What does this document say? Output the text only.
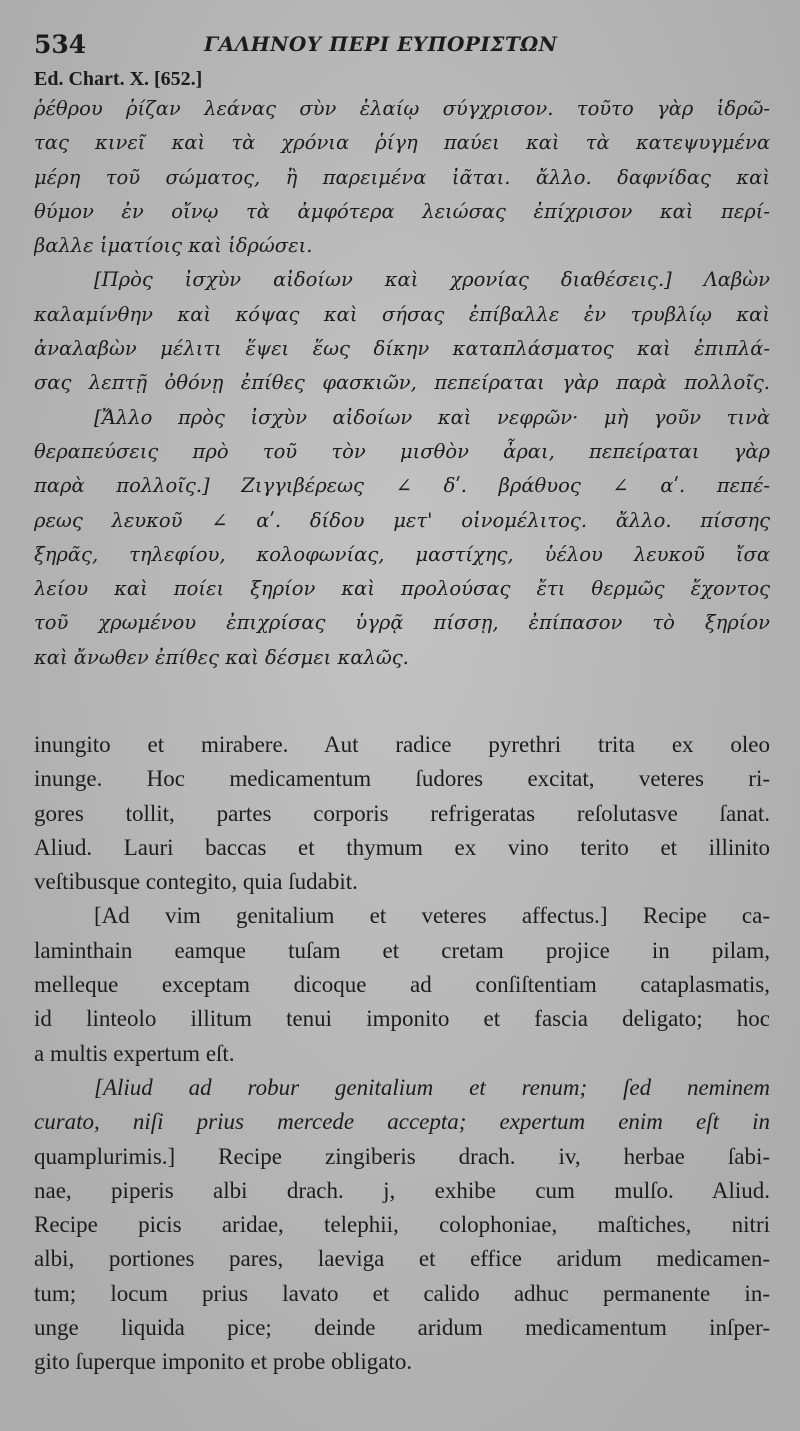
534	ΓΑΛΗΝΟΥ ΠΕΡΙ ΕΥΠΟΡΙΣΤΩΝ
Ed. Chart. X. [652.]
ῥέθρου ῥίζαν λεάνας σὺν ἐλαίῳ σύγχρισον. τοῦτο γὰρ ἱδρῶ-
τας κινεῖ καὶ τὰ χρόνια ῥίγη παύει καὶ τὰ κατεψυγμένα
μέρη τοῦ σώματος, ἢ παρειμένα ἰᾶται. ἄλλο. δαφνίδας καὶ
θύμον ἐν οἴνῳ τὰ ἀμφότερα λειώσας ἐπίχρισον καὶ περί-
βαλλε ἱματίοις καὶ ἱδρώσει.
[Πρὸς ἰσχὺν αἰδοίων καὶ χρονίας διαθέσεις.] Λαβὼν
καλαμίνθην καὶ κόψας καὶ σήσας ἐπίβαλλε ἐν τρυβλίῳ καὶ
ἀναλαβὼν μέλιτι ἕψει ἕως δίκην καταπλάσματος καὶ ἐπιπλά-
σας λεπτῇ ὀθόνῃ ἐπίθες φασκιῶν, πεπείραται γὰρ παρὰ πολλοῖς.
[Ἄλλο πρὸς ἰσχὺν αἰδοίων καὶ νεφρῶν· μὴ γοῦν τινὰ
θεραπεύσεις πρὸ τοῦ τὸν μισθὸν ἆραι, πεπείραται γὰρ
παρὰ πολλοῖς.] Ζιγγιβέρεως ∠ δʹ. βράθυος ∠ αʹ. πεπέ-
ρεως λευκοῦ ∠ αʹ. δίδου μετ' οἰνομέλιτος. ἄλλο. πίσσης
ξηρᾶς, τηλεφίου, κολοφωνίας, μαστίχης, ὑέλου λευκοῦ ἴσα
λείου καὶ ποίει ξηρίον καὶ προλούσας ἔτι θερμῶς ἔχοντος
τοῦ χρωμένου ἐπιχρίσας ὑγρᾷ πίσσῃ, ἐπίπασον τὸ ξηρίον
καὶ ἄνωθεν ἐπίθες καὶ δέσμει καλῶς.
inungito et mirabere. Aut radice pyrethri trita ex oleo
inunge. Hoc medicamentum ſudores excitat, veteres ri-
gores tollit, partes corporis refrigeratas reſolutasve ſanat.
Aliud. Lauri baccas et thymum ex vino terito et illinito
veſtibusque contegito, quia ſudabit.
[Ad vim genitalium et veteres affectus.] Recipe ca-
laminthain eamque tuſam et cretam projice in pilam,
melleque exceptam dicoque ad conſiſtentiam cataplasmatis,
id linteolo illitum tenui imponito et fascia deligato; hoc
a multis expertum eſt.
[Aliud ad robur genitalium et renum; ſed neminem
curato, niſi prius mercede accepta; expertum enim eſt in
quamplurimis.] Recipe zingiberis drach. iv, herbae ſabi-
nae, piperis albi drach. j, exhibe cum mulſo. Aliud.
Recipe picis aridae, telephii, colophoniae, maſtiches, nitri
albi, portiones pares, laeviga et effice aridum medicamen-
tum; locum prius lavato et calido adhuc permanente in-
unge liquida pice; deinde aridum medicamentum inſper-
gito ſuperque imponito et probe obligato.
